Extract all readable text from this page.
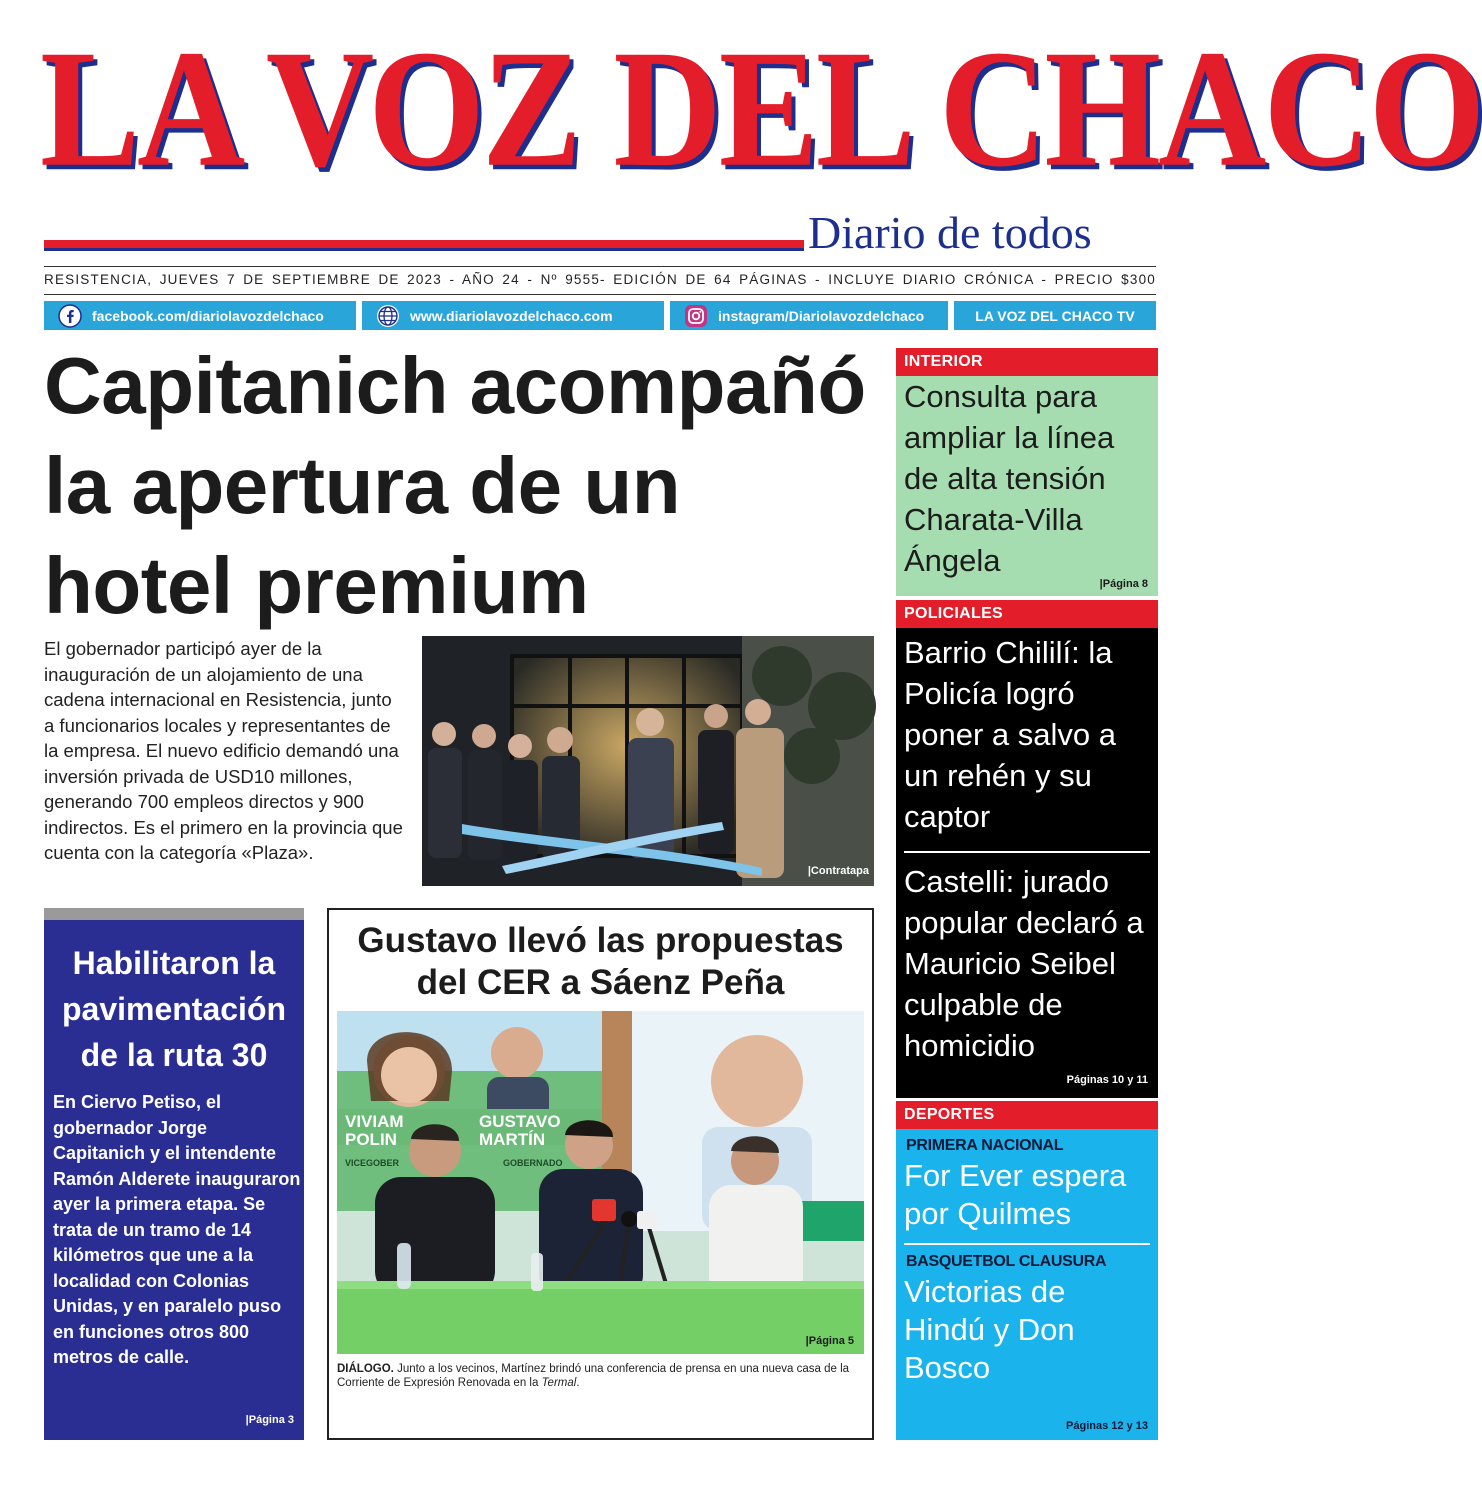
LA VOZ DEL CHACO
Diario de todos
RESISTENCIA, JUEVES 7 DE SEPTIEMBRE DE 2023 - AÑO 24 - Nº 9555- EDICIÓN DE 64 PÁGINAS - INCLUYE DIARIO CRÓNICA - PRECIO $300
facebook.com/diariolavozdelchaco	www.diariolavozdelchaco.com	instagram/Diariolavozdelchaco	LA VOZ DEL CHACO TV
Capitanich acompañó
la apertura de un
hotel premium
El gobernador participó ayer de la inauguración de un alojamiento de una cadena internacional en Resistencia, junto a funcionarios locales y representantes de la empresa. El nuevo edificio demandó una inversión privada de USD10 millones, generando 700 empleos directos y 900 indirectos. Es el primero en la provincia que cuenta con la categoría «Plaza».
|Contratapa
INTERIOR
Consulta para ampliar la línea de alta tensión Charata-Villa Ángela
|Página 8
POLICIALES
Barrio Chililí: la Policía logró poner a salvo a un rehén y su captor
Castelli: jurado popular declaró a Mauricio Seibel culpable de homicidio
Páginas 10 y 11
DEPORTES
PRIMERA NACIONAL
For Ever espera por Quilmes
BASQUETBOL CLAUSURA
Victorias de Hindú y Don Bosco
Páginas 12 y 13
Habilitaron la pavimentación de la ruta 30
En Ciervo Petiso, el gobernador Jorge Capitanich y el intendente Ramón Alderete inauguraron ayer la primera etapa. Se trata de un tramo de 14 kilómetros que une a la localidad con Colonias Unidas, y en paralelo puso en funciones otros 800 metros de calle.
|Página 3
Gustavo llevó las propuestas
del CER a Sáenz Peña
VIVIAM
POLIN
GUSTAVO
MARTÍN
VICEGOBER	GOBERNADO
|Página 5
DIÁLOGO. Junto a los vecinos, Martínez brindó una conferencia de prensa en una nueva casa de la Corriente de Expresión Renovada en la Termal.
